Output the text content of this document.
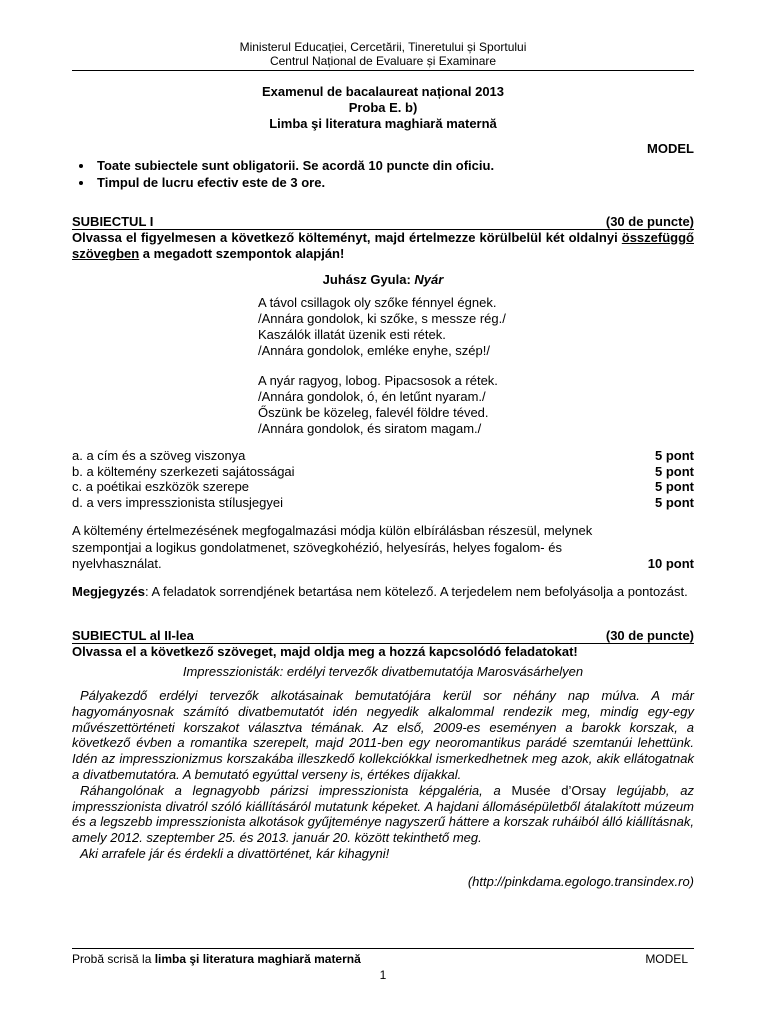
Ministerul Educației, Cercetării, Tineretului și Sportului
Centrul Național de Evaluare și Examinare
Examenul de bacalaureat național 2013
Proba E. b)
Limba şi literatura maghiară maternă
MODEL
• Toate subiectele sunt obligatorii. Se acordă 10 puncte din oficiu.
• Timpul de lucru efectiv este de 3 ore.
SUBIECTUL I	(30 de puncte)
Olvassa el figyelmesen a következő költeményt, majd értelmezze körülbelül két oldalnyi összefüggő szövegben a megadott szempontok alapján!
Juhász Gyula: Nyár
A távol csillagok oly szőke fénnyel égnek.
/Annára gondolok, ki szőke, s messze rég./
Kaszálók illatát üzenik esti rétek.
/Annára gondolok, emléke enyhe, szép!/
A nyár ragyog, lobog. Pipacsosok a rétek.
/Annára gondolok, ó, én letűnt nyaram./
Őszünk be közeleg, falevél földre téved.
/Annára gondolok, és siratom magam./
a. a cím és a szöveg viszonya	5 pont
b. a költemény szerkezeti sajátosságai	5 pont
c. a poétikai eszközök szerepe	5 pont
d. a vers impresszionista stílusjegyei	5 pont
A költemény értelmezésének megfogalmazási módja külön elbírálásban részesül, melynek
szempontjai a logikus gondolatmenet, szövegkohézió, helyesírás, helyes fogalom- és
nyelvhasználat.	10 pont
Megjegyzés: A feladatok sorrendjének betartása nem kötelező. A terjedelem nem befolyásolja a pontozást.
SUBIECTUL al II-lea	(30 de puncte)
Olvassa el a következő szöveget, majd oldja meg a hozzá kapcsolódó feladatokat!
Impresszionisták: erdélyi tervezők divatbemutatója Marosvásárhelyen

Pályakezdő erdélyi tervezők alkotásainak bemutatójára kerül sor néhány nap múlva. A már hagyományosnak számító divatbemutatót idén negyedik alkalommal rendezik meg, mindig egy-egy művészettörténeti korszakot választva témának. Az első, 2009-es eseményen a barokk korszak, a következő évben a romantika szerepelt, majd 2011-ben egy neoromantikus parádé szemtanúi lehettünk. Idén az impresszionizmus korszakába illeszkedő kollekciókkal ismerkedhetnek meg azok, akik ellátogatnak a divatbemutatóra. A bemutató egyúttal verseny is, értékes díjakkal.

Ráhangolónak a legnagyobb párizsi impresszionista képgaléria, a Musée d’Orsay legújabb, az impresszionista divatról szóló kiállításáról mutatunk képeket. A hajdani állomásépületből átalakított múzeum és a legszebb impresszionista alkotások gyűjteménye nagyszerű háttere a korszak ruháiból álló kiállításnak, amely 2012. szeptember 25. és 2013. január 20. között tekinthető meg.

Aki arrafele jár és érdekli a divattörténet, kár kihagyni!

(http://pinkdama.egologo.transindex.ro)
Probă scrisă la limba şi literatura maghiară maternă	MODEL
1
